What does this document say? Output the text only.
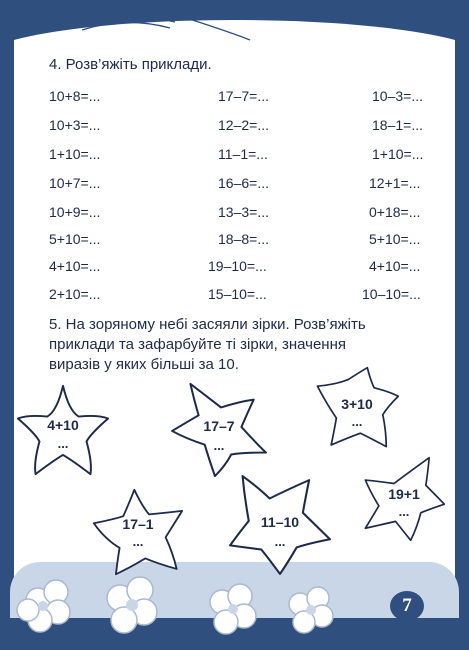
4. Розв’яжіть приклади.
10+8=...
10+3=...
1+10=...
10+7=...
10+9=...
5+10=...
4+10=...
2+10=...
17–7=...
12–2=...
11–1=...
16–6=...
13–3=...
18–8=...
19–10=...
15–10=...
10–3=...
18–1=...
1+10=...
12+1=...
0+18=...
5+10=...
4+10=...
10–10=...
5. На зоряному небі засяяли зірки. Розв’яжіть
приклади та зафарбуйте ті зірки, значення
виразів у яких більші за 10.
4+10
...
17–7
...
3+10
...
17–1
...
11–10
...
19+1
...
7
